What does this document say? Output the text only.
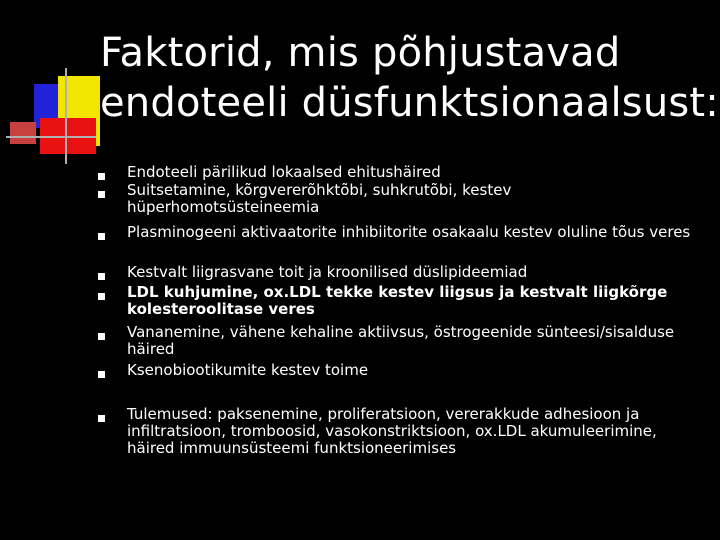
Faktorid, mis põhjustavad
endoteeli düsfunktsionaalsust:
Endoteeli pärilikud lokaalsed ehitushäired
Suitsetamine, kõrgvererõhktõbi, suhkrutõbi, kestev hüperhomotsüsteineemia
Plasminogeeni aktivaatorite inhibiitorite osakaalu kestev oluline tõus veres
Kestvalt liigrasvane toit ja kroonilised düslipideemiad
LDL kuhjumine, ox.LDL tekke kestev liigsus ja kestvalt liigkõrge kolesteroolitase veres
Vananemine, vähene kehaline aktiivsus, östrogeenide sünteesi/sisalduse häired
Ksenobiootikumite kestev toime
Tulemused: paksenemine, proliferatsioon, vererakkude adhesioon ja infiltratsioon, tromboosid, vasokonstriktsioon, ox.LDL akumuleerimine, häired immuunsüsteemi funktsioneerimises
